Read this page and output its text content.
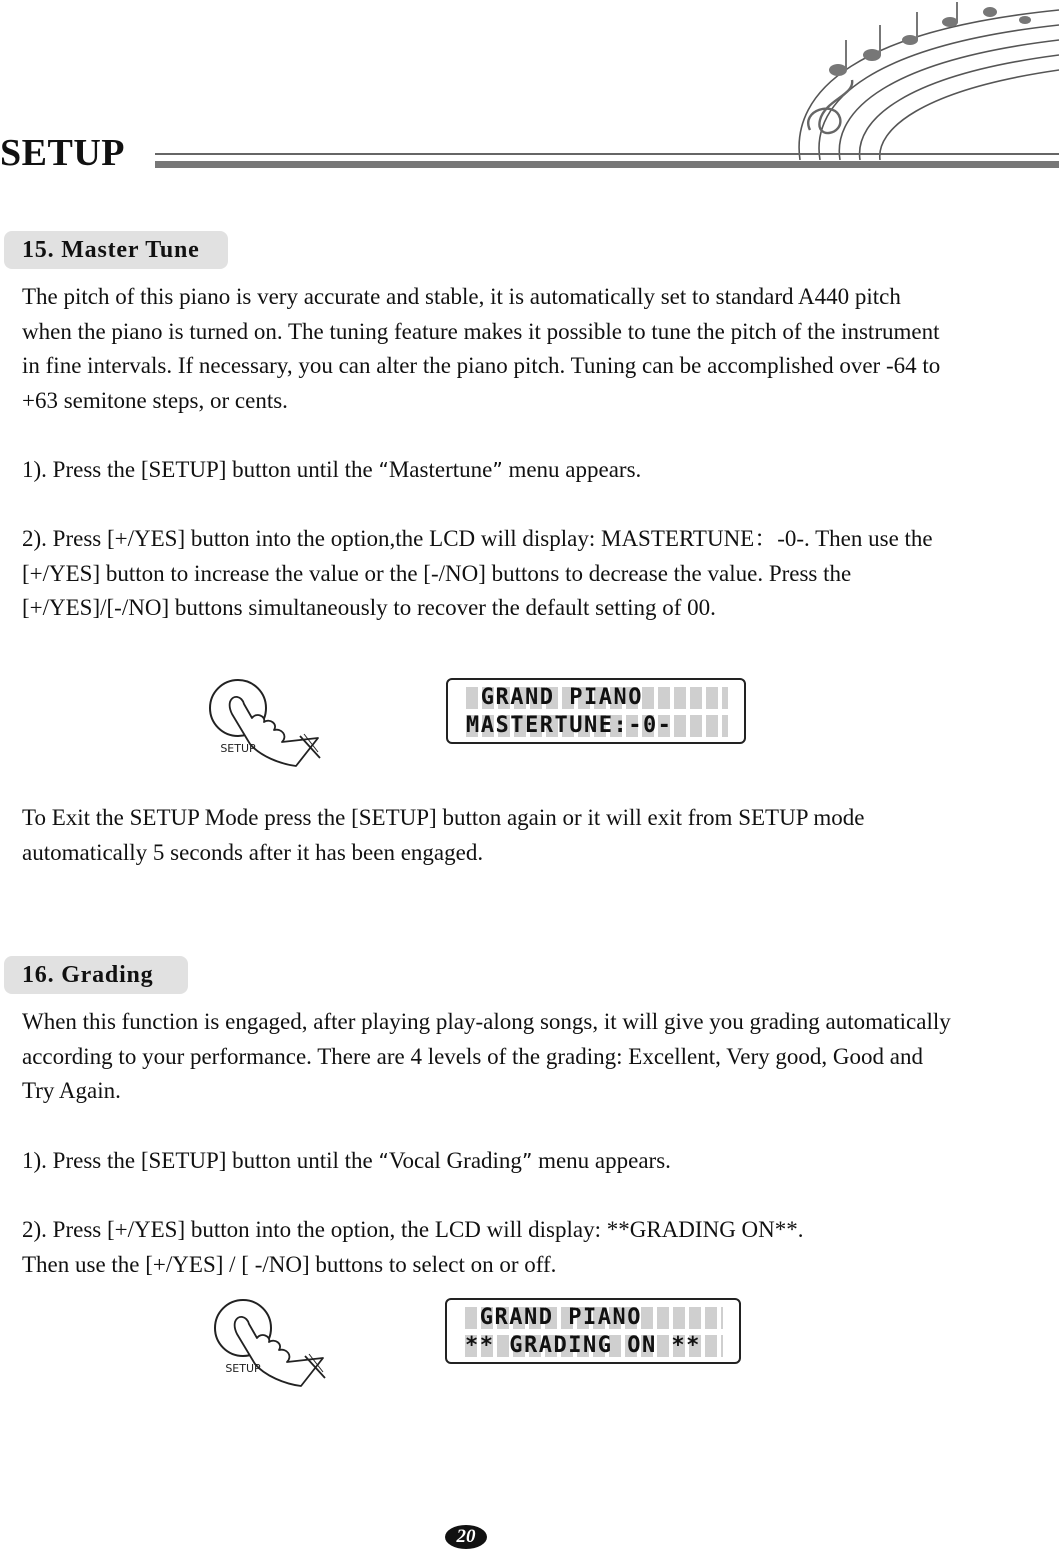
SETUP
15. Master Tune

The pitch of this piano is very accurate and stable, it is automatically set to standard A440 pitch when the piano is turned on. The tuning feature makes it possible to tune the pitch of the instrument in fine intervals. If necessary, you can alter the piano pitch. Tuning can be accomplished over -64 to +63 semitone steps, or cents.

1). Press the [SETUP] button until the “Mastertune” menu appears.

2). Press [+/YES] button into the option,the LCD will display: MASTERTUNE：-0-. Then use the [+/YES] button to increase the value or the [-/NO] buttons to decrease the value. Press the [+/YES]/[-/NO] buttons simultaneously to recover the default setting of 00.

SETUP
GRAND PIANO
MASTERTUNE:-0-

To Exit the SETUP Mode press the [SETUP] button again or it will exit from SETUP mode automatically 5 seconds after it has been engaged.

16. Grading

When this function is engaged, after playing play-along songs, it will give you grading automatically according to your performance. There are 4 levels of the grading: Excellent, Very good, Good and Try Again.

1). Press the [SETUP] button until the “Vocal Grading” menu appears.

2). Press [+/YES] button into the option, the LCD will display: **GRADING ON**. Then use the [+/YES] / [ -/NO] buttons to select on or off.

SETUP
GRAND PIANO
** GRADING ON **
20
